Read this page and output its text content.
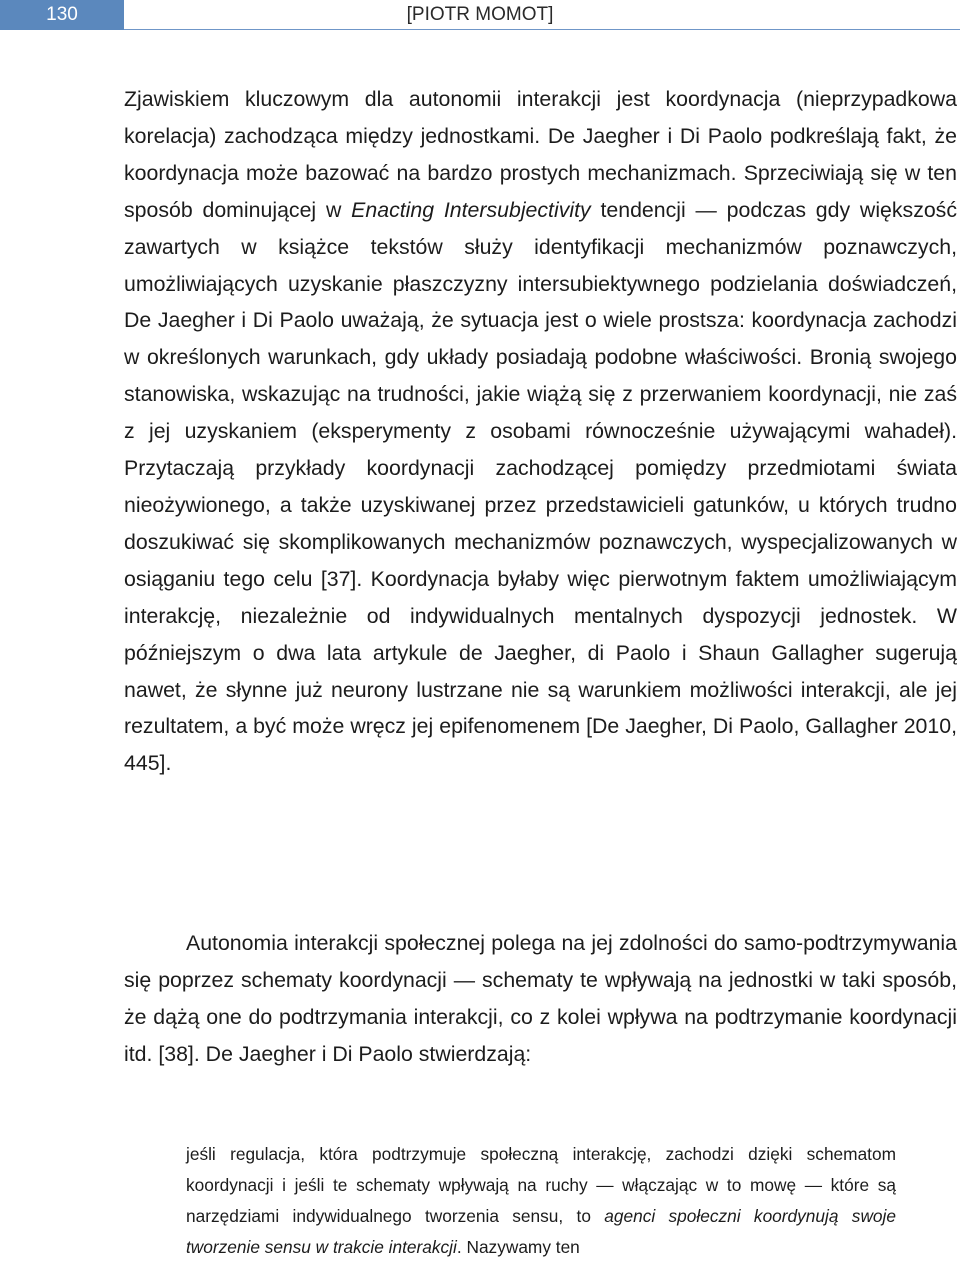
130	[PIOTR MOMOT]

Zjawiskiem kluczowym dla autonomii interakcji jest koordynacja (nieprzypadkowa korelacja) zachodząca między jednostkami. De Jaegher i Di Paolo podkreślają fakt, że koordynacja może bazować na bardzo prostych mechanizmach. Sprzeciwiają się w ten sposób dominującej w Enacting Intersubjectivity tendencji — podczas gdy większość zawartych w książce tekstów służy identyfikacji mechanizmów poznawczych, umożliwiających uzyskanie płaszczyzny intersubiektywnego podzielania doświadczeń, De Jaegher i Di Paolo uważają, że sytuacja jest o wiele prostsza: koordynacja zachodzi w określonych warunkach, gdy układy posiadają podobne właściwości. Bronią swojego stanowiska, wskazując na trudności, jakie wiążą się z przerwaniem koordynacji, nie zaś z jej uzyskaniem (eksperymenty z osobami równocześnie używającymi wahadeł). Przytaczają przykłady koordynacji zachodzącej pomiędzy przedmiotami świata nieożywionego, a także uzyskiwanej przez przedstawicieli gatunków, u których trudno doszukiwać się skomplikowanych mechanizmów poznawczych, wyspecjalizowanych w osiąganiu tego celu [37]. Koordynacja byłaby więc pierwotnym faktem umożliwiającym interakcję, niezależnie od indywidualnych mentalnych dyspozycji jednostek. W późniejszym o dwa lata artykule de Jaegher, di Paolo i Shaun Gallagher sugerują nawet, że słynne już neurony lustrzane nie są warunkiem możliwości interakcji, ale jej rezultatem, a być może wręcz jej epifenomenem [De Jaegher, Di Paolo, Gallagher 2010, 445].

Autonomia interakcji społecznej polega na jej zdolności do samo-podtrzymywania się poprzez schematy koordynacji — schematy te wpływają na jednostki w taki sposób, że dążą one do podtrzymania interakcji, co z kolei wpływa na podtrzymanie koordynacji itd. [38]. De Jaegher i Di Paolo stwierdzają:

jeśli regulacja, która podtrzymuje społeczną interakcję, zachodzi dzięki schematom koordynacji i jeśli te schematy wpływają na ruchy — włączając w to mowę — które są narzędziami indywidualnego tworzenia sensu, to agenci społeczni koordynują swoje tworzenie sensu w trakcie interakcji. Nazywamy ten
